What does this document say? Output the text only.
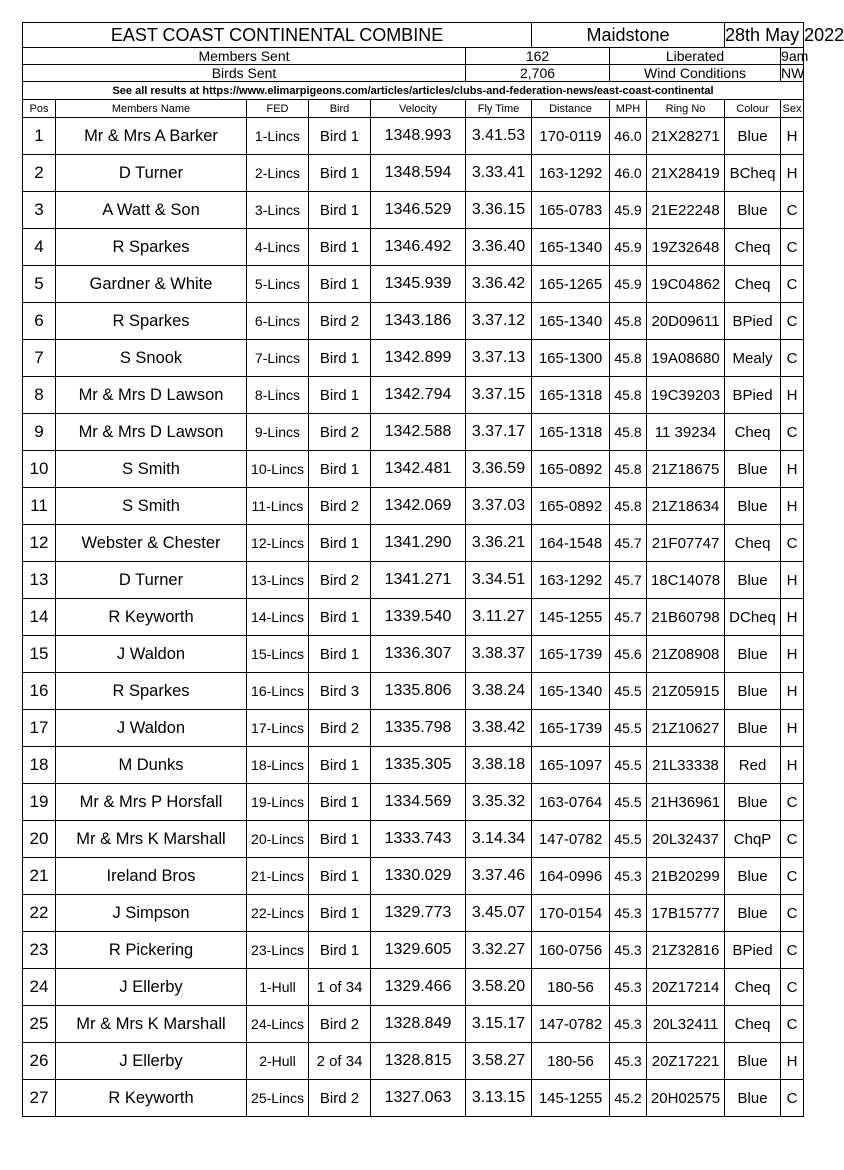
EAST COAST CONTINENTAL COMBINE						Maidstone			28th May 2022	
Members Sent					162		Liberated			9am
Birds Sent					2,706		Wind Conditions			NW
See all results at https://www.elimarpigeons.com/articles/articles/clubs-and-federation-news/east-coast-continental										
Pos	Members Name	FED	Bird	Velocity	Fly Time	Distance	MPH	Ring No	Colour	Sex
1	Mr & Mrs A Barker	1-Lincs	Bird 1	1348.993	3.41.53	170-0119	46.0	21X28271	Blue	H
2	D Turner	2-Lincs	Bird 1	1348.594	3.33.41	163-1292	46.0	21X28419	BCheq	H
3	A Watt & Son	3-Lincs	Bird 1	1346.529	3.36.15	165-0783	45.9	21E22248	Blue	C
4	R Sparkes	4-Lincs	Bird 1	1346.492	3.36.40	165-1340	45.9	19Z32648	Cheq	C
5	Gardner & White	5-Lincs	Bird 1	1345.939	3.36.42	165-1265	45.9	19C04862	Cheq	C
6	R Sparkes	6-Lincs	Bird 2	1343.186	3.37.12	165-1340	45.8	20D09611	BPied	C
7	S Snook	7-Lincs	Bird 1	1342.899	3.37.13	165-1300	45.8	19A08680	Mealy	C
8	Mr & Mrs D Lawson	8-Lincs	Bird 1	1342.794	3.37.15	165-1318	45.8	19C39203	BPied	H
9	Mr & Mrs D Lawson	9-Lincs	Bird 2	1342.588	3.37.17	165-1318	45.8	11 39234	Cheq	C
10	S Smith	10-Lincs	Bird 1	1342.481	3.36.59	165-0892	45.8	21Z18675	Blue	H
11	S Smith	11-Lincs	Bird 2	1342.069	3.37.03	165-0892	45.8	21Z18634	Blue	H
12	Webster & Chester	12-Lincs	Bird 1	1341.290	3.36.21	164-1548	45.7	21F07747	Cheq	C
13	D Turner	13-Lincs	Bird 2	1341.271	3.34.51	163-1292	45.7	18C14078	Blue	H
14	R Keyworth	14-Lincs	Bird 1	1339.540	3.11.27	145-1255	45.7	21B60798	DCheq	H
15	J Waldon	15-Lincs	Bird 1	1336.307	3.38.37	165-1739	45.6	21Z08908	Blue	H
16	R Sparkes	16-Lincs	Bird 3	1335.806	3.38.24	165-1340	45.5	21Z05915	Blue	H
17	J Waldon	17-Lincs	Bird 2	1335.798	3.38.42	165-1739	45.5	21Z10627	Blue	H
18	M Dunks	18-Lincs	Bird 1	1335.305	3.38.18	165-1097	45.5	21L33338	Red	H
19	Mr & Mrs P Horsfall	19-Lincs	Bird 1	1334.569	3.35.32	163-0764	45.5	21H36961	Blue	C
20	Mr & Mrs K Marshall	20-Lincs	Bird 1	1333.743	3.14.34	147-0782	45.5	20L32437	ChqP	C
21	Ireland Bros	21-Lincs	Bird 1	1330.029	3.37.46	164-0996	45.3	21B20299	Blue	C
22	J Simpson	22-Lincs	Bird 1	1329.773	3.45.07	170-0154	45.3	17B15777	Blue	C
23	R Pickering	23-Lincs	Bird 1	1329.605	3.32.27	160-0756	45.3	21Z32816	BPied	C
24	J Ellerby	1-Hull	1 of 34	1329.466	3.58.20	180-56	45.3	20Z17214	Cheq	C
25	Mr & Mrs K Marshall	24-Lincs	Bird 2	1328.849	3.15.17	147-0782	45.3	20L32411	Cheq	C
26	J Ellerby	2-Hull	2 of 34	1328.815	3.58.27	180-56	45.3	20Z17221	Blue	H
27	R Keyworth	25-Lincs	Bird 2	1327.063	3.13.15	145-1255	45.2	20H02575	Blue	C
